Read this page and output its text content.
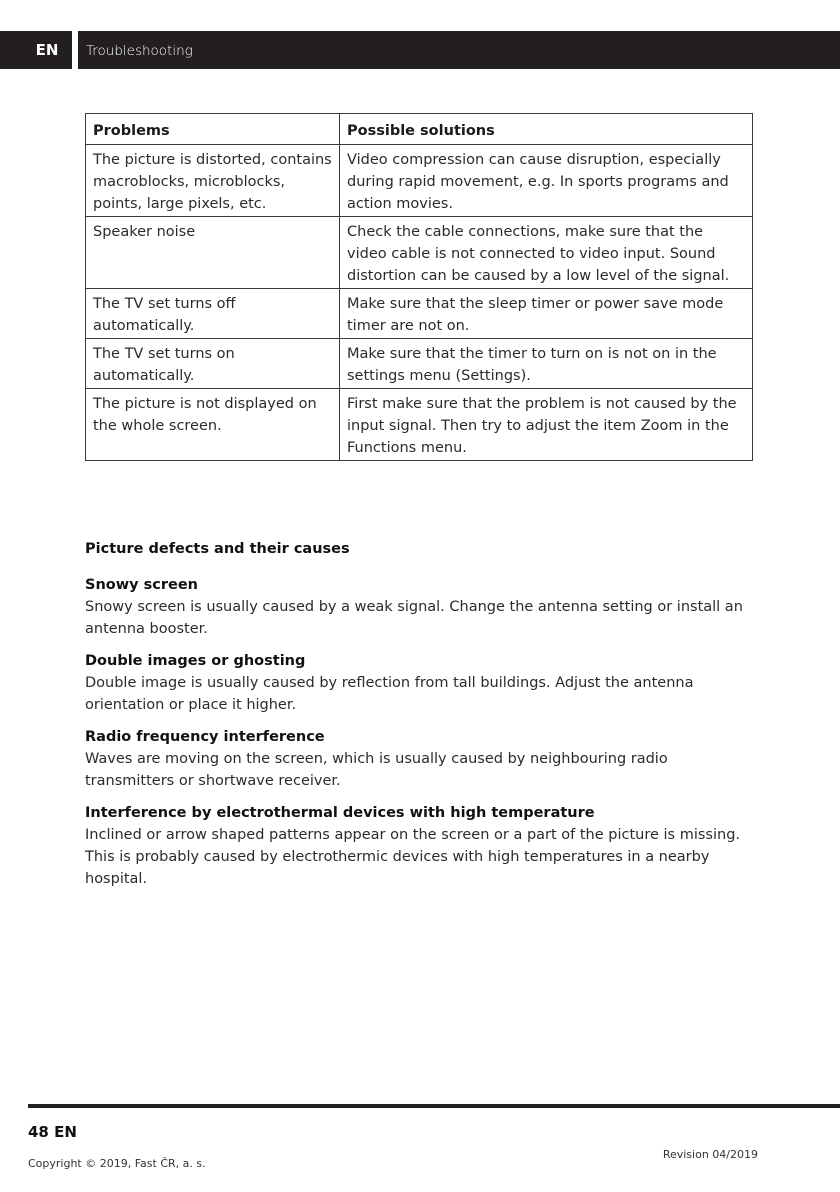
EN	Troubleshooting
Problems	Possible solutions
The picture is distorted, contains macroblocks, microblocks, points, large pixels, etc.	Video compression can cause disruption, especially during rapid movement, e.g. In sports programs and action movies.
Speaker noise	Check the cable connections, make sure that the video cable is not connected to video input. Sound distortion can be caused by a low level of the signal.
The TV set turns off automatically.	Make sure that the sleep timer or power save mode timer are not on.
The TV set turns on automatically.	Make sure that the timer to turn on is not on in the settings menu (Settings).
The picture is not displayed on the whole screen.	First make sure that the problem is not caused by the input signal. Then try to adjust the item Zoom in the Functions menu.
Picture defects and their causes
Snowy screen

Snowy screen is usually caused by a weak signal. Change the antenna setting or install an antenna booster.

Double images or ghosting

Double image is usually caused by reflection from tall buildings. Adjust the antenna orientation or place it higher.

Radio frequency interference

Waves are moving on the screen, which is usually caused by neighbouring radio transmitters or shortwave receiver.

Interference by electrothermal devices with high temperature

Inclined or arrow shaped patterns appear on the screen or a part of the picture is missing. This is probably caused by electrothermic devices with high temperatures in a nearby hospital.

48 EN
Copyright © 2019, Fast ČR, a. s.
Revision 04/2019
